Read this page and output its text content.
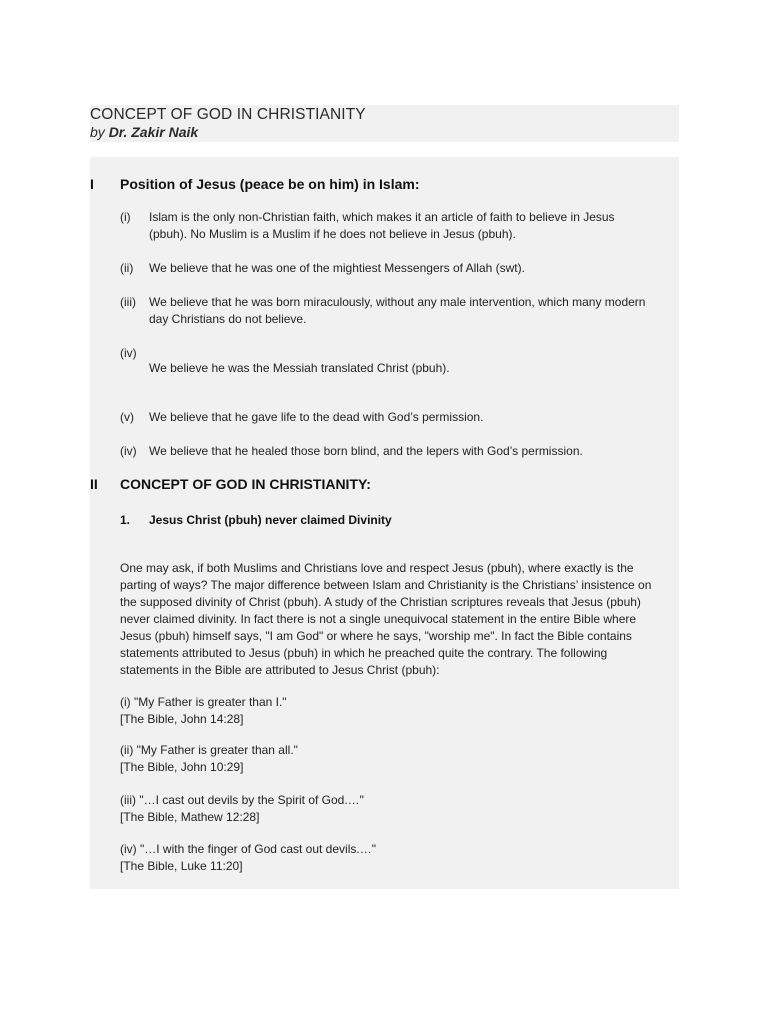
CONCEPT OF GOD IN CHRISTIANITY
by Dr. Zakir Naik
I Position of Jesus (peace be on him) in Islam:
(i) Islam is the only non-Christian faith, which makes it an article of faith to believe in Jesus
(pbuh). No Muslim is a Muslim if he does not believe in Jesus (pbuh).
(ii) We believe that he was one of the mightiest Messengers of Allah (swt).
(iii) We believe that he was born miraculously, without any male intervention, which many modern
day Christians do not believe.
(iv)
We believe he was the Messiah translated Christ (pbuh).
(v) We believe that he gave life to the dead with God’s permission.
(iv) We believe that he healed those born blind, and the lepers with God’s permission.
II CONCEPT OF GOD IN CHRISTIANITY:
1. Jesus Christ (pbuh) never claimed Divinity
One may ask, if both Muslims and Christians love and respect Jesus (pbuh), where exactly is the
parting of ways? The major difference between Islam and Christianity is the Christians’ insistence on
the supposed divinity of Christ (pbuh). A study of the Christian scriptures reveals that Jesus (pbuh)
never claimed divinity. In fact there is not a single unequivocal statement in the entire Bible where
Jesus (pbuh) himself says, "I am God" or where he says, "worship me". In fact the Bible contains
statements attributed to Jesus (pbuh) in which he preached quite the contrary. The following
statements in the Bible are attributed to Jesus Christ (pbuh):
(i) "My Father is greater than I."
[The Bible, John 14:28]
(ii) "My Father is greater than all."
[The Bible, John 10:29]
(iii) "…I cast out devils by the Spirit of God.…"
[The Bible, Mathew 12:28]
(iv) "…I with the finger of God cast out devils.…"
[The Bible, Luke 11:20]
